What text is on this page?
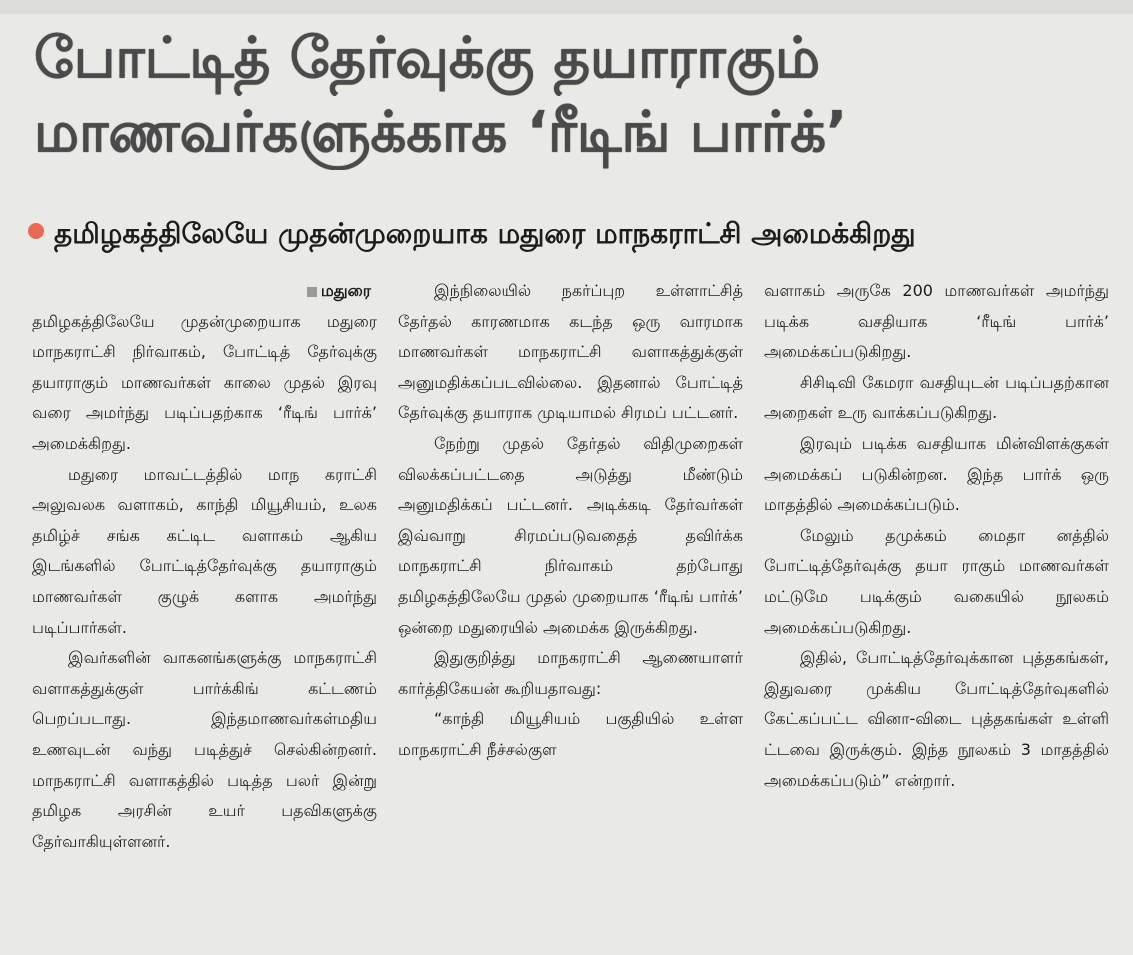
போட்டித் தேர்வுக்கு தயாராகும்
மாணவர்களுக்காக ‘ரீடிங் பார்க்’
தமிழகத்திலேயே முதன்முறையாக மதுரை மாநகராட்சி அமைக்கிறது

மதுரை

தமிழகத்திலேயே முதன்முறையாக மதுரை மாநகராட்சி நிர்வாகம், போட்டித் தேர்வுக்கு தயாராகும் மாணவர்கள் காலை முதல் இரவு வரை அமர்ந்து படிப்பதற்காக ‘ரீடிங் பார்க்’ அமைக்கிறது.

மதுரை மாவட்டத்தில் மாந கராட்சி அலுவலக வளாகம், காந்தி மியூசியம், உலக தமிழ்ச் சங்க கட்டிட வளாகம் ஆகிய இடங்களில் போட்டித்தேர்வுக்கு தயாராகும் மாணவர்கள் குழுக் களாக அமர்ந்து படிப்பார்கள்.

இவர்களின் வாகனங்களுக்கு மாநகராட்சி வளாகத்துக்குள் பார்க்கிங் கட்டணம் பெறப்படாது. இந்தமாணவர்கள்மதிய உணவுடன் வந்து படித்துச் செல்கின்றனர். மாநகராட்சி வளாகத்தில் படித்த பலர் இன்று தமிழக அரசின் உயர் பதவிகளுக்கு தேர்வாகியுள்ளனர்.

இந்நிலையில் நகர்ப்புற உள்ளாட்சித் தேர்தல் காரணமாக கடந்த ஒரு வாரமாக மாணவர்கள் மாநகராட்சி வளாகத்துக்குள் அனுமதிக்கப்படவில்லை. இதனால் போட்டித் தேர்வுக்கு தயாராக முடியாமல் சிரமப் பட்டனர்.

நேற்று முதல் தேர்தல் விதிமுறைகள் விலக்கப்பட்டதை அடுத்து மீண்டும் அனுமதிக்கப் பட்டனர். அடிக்கடி தேர்வர்கள் இவ்வாறு சிரமப்படுவதைத் தவிர்க்க மாநகராட்சி நிர்வாகம் தற்போது தமிழகத்திலேயே முதல் முறையாக ‘ரீடிங் பார்க்’ ஒன்றை மதுரையில் அமைக்க இருக்கிறது.

இதுகுறித்து மாநகராட்சி ஆணையாளர் கார்த்திகேயன் கூறியதாவது:

“காந்தி மியூசியம் பகுதியில் உள்ள மாநகராட்சி நீச்சல்குள

வளாகம் அருகே 200 மாணவர்கள் அமர்ந்து படிக்க வசதியாக ‘ரீடிங் பார்க்’ அமைக்கப்படுகிறது.

சிசிடிவி கேமரா வசதியுடன் படிப்பதற்கான அறைகள் உரு வாக்கப்படுகிறது.

இரவும் படிக்க வசதியாக மின்விளக்குகள் அமைக்கப் படுகின்றன. இந்த பார்க் ஒரு மாதத்தில் அமைக்கப்படும்.

மேலும் தமுக்கம் மைதா னத்தில் போட்டித்தேர்வுக்கு தயா ராகும் மாணவர்கள் மட்டுமே படிக்கும் வகையில் நூலகம் அமைக்கப்படுகிறது.

இதில், போட்டித்தேர்வுக்கான புத்தகங்கள், இதுவரை முக்கிய போட்டித்தேர்வுகளில் கேட்கப்பட்ட வினா-விடை புத்தகங்கள் உள்ளி ட்டவை இருக்கும். இந்த நூலகம் 3 மாதத்தில் அமைக்கப்படும்” என்றார்.
